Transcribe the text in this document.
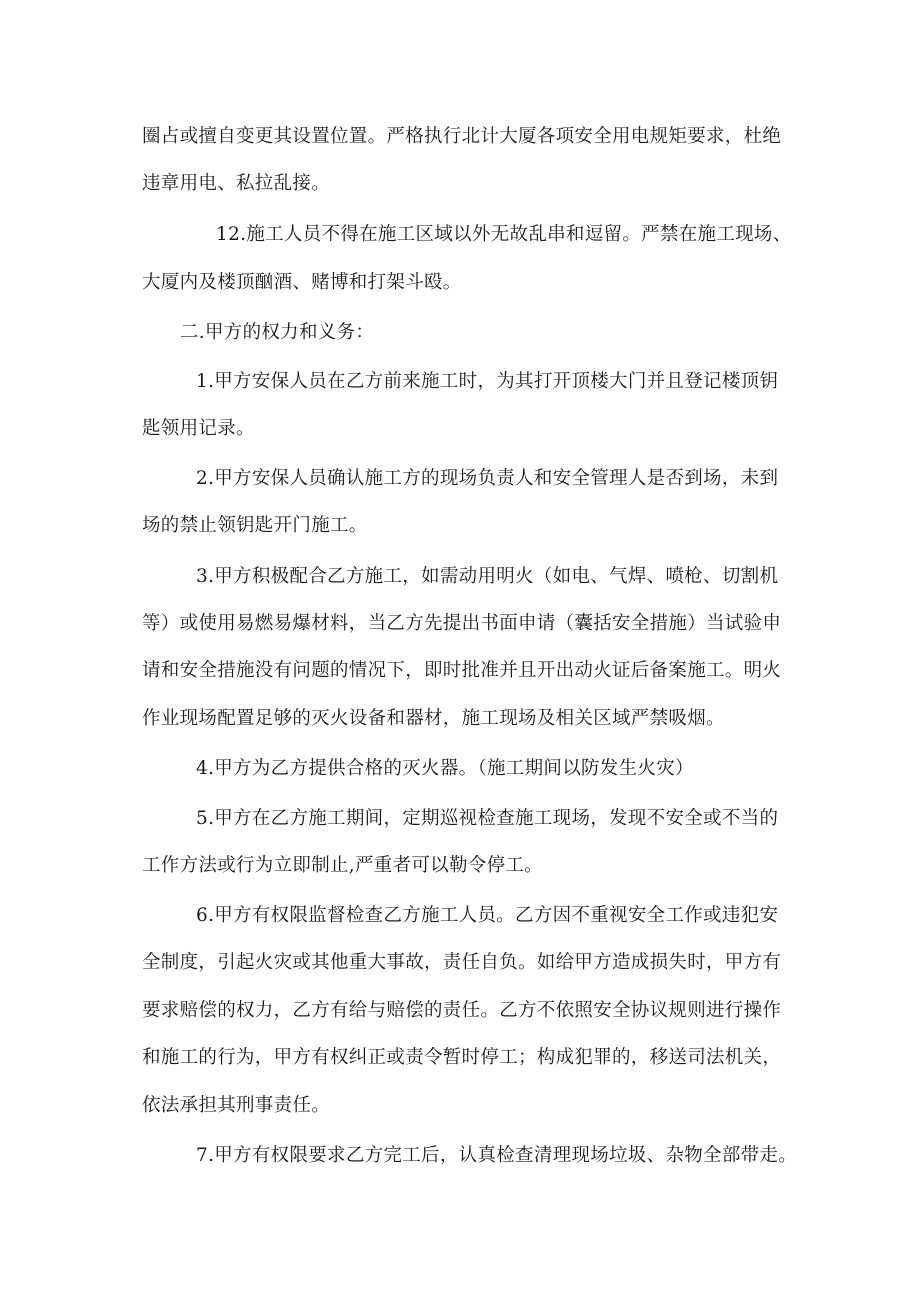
圈占或擅自变更其设置位置。严格执行北计大厦各项安全用电规矩要求，杜绝
违章用电、私拉乱接。
12.施工人员不得在施工区域以外无故乱串和逗留。严禁在施工现场、
大厦内及楼顶酗酒、赌博和打架斗殴。
二.甲方的权力和义务：
1.甲方安保人员在乙方前来施工时，为其打开顶楼大门并且登记楼顶钥
匙领用记录。
2.甲方安保人员确认施工方的现场负责人和安全管理人是否到场，未到
场的禁止领钥匙开门施工。
3.甲方积极配合乙方施工，如需动用明火（如电、气焊、喷枪、切割机
等）或使用易燃易爆材料，当乙方先提出书面申请（囊括安全措施）当试验申
请和安全措施没有问题的情况下，即时批准并且开出动火证后备案施工。明火
作业现场配置足够的灭火设备和器材，施工现场及相关区域严禁吸烟。
4.甲方为乙方提供合格的灭火器。（施工期间以防发生火灾）
5.甲方在乙方施工期间，定期巡视检查施工现场，发现不安全或不当的
工作方法或行为立即制止,严重者可以勒令停工。
6.甲方有权限监督检查乙方施工人员。乙方因不重视安全工作或违犯安
全制度，引起火灾或其他重大事故，责任自负。如给甲方造成损失时，甲方有
要求赔偿的权力，乙方有给与赔偿的责任。乙方不依照安全协议规则进行操作
和施工的行为，甲方有权纠正或责令暂时停工；构成犯罪的，移送司法机关，
依法承担其刑事责任。
7.甲方有权限要求乙方完工后，认真检查清理现场垃圾、杂物全部带走。
